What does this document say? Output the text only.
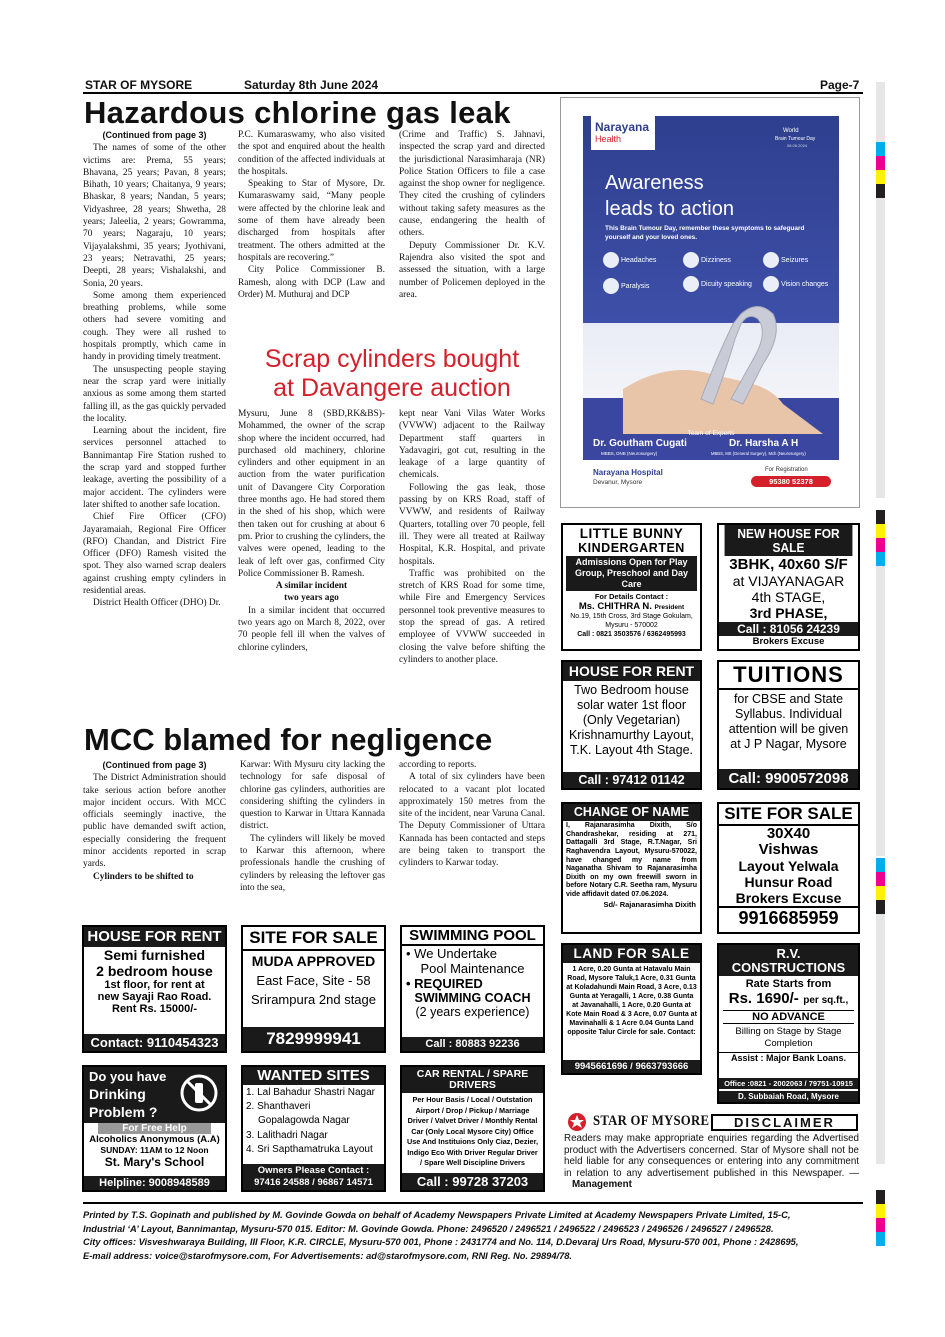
STAR OF MYSORE	Saturday 8th June 2024	Page-7
Hazardous chlorine gas leak
(Continued from page 3)

The names of some of the other victims are: Prema, 55 years; Bhavana, 25 years; Pavan, 8 years; Bihath, 10 years; Chaitanya, 9 years; Bhaskar, 8 years; Nandan, 5 years; Vidyashree, 28 years; Shwetha, 28 years; Jaleelia, 2 years; Gowramma, 70 years; Nagaraju, 10 years; Vijayalakshmi, 35 years; Jyothivani, 23 years; Netravathi, 25 years; Deepti, 28 years; Vishalakshi, and Sonia, 20 years.

Some among them experienced breathing problems, while some others had severe vomiting and cough. They were all rushed to hospitals promptly, which came in handy in providing timely treatment.

The unsuspecting people staying near the scrap yard were initially anxious as some among them started falling ill, as the gas quickly pervaded the locality.

Learning about the incident, fire services personnel attached to Bannimantap Fire Station rushed to the scrap yard and stopped further leakage, averting the possibility of a major accident. The cylinders were later shifted to another safe location.

Chief Fire Officer (CFO) Jayaramaiah, Regional Fire Officer (RFO) Chandan, and District Fire Officer (DFO) Ramesh visited the spot. They also warned scrap dealers against crushing empty cylinders in residential areas.

District Health Officer (DHO) Dr.

P.C. Kumaraswamy, who also visited the spot and enquired about the health condition of the affected individuals at the hospitals.

Speaking to Star of Mysore, Dr. Kumaraswamy said, “Many people were affected by the chlorine leak and some of them have already been discharged from hospitals after treatment. The others admitted at the hospitals are recovering.”

City Police Commissioner B. Ramesh, along with DCP (Law and Order) M. Muthuraj and DCP

(Crime and Traffic) S. Jahnavi, inspected the scrap yard and directed the jurisdictional Narasimharaja (NR) Police Station Officers to file a case against the shop owner for negligence. They cited the crushing of cylinders without taking safety measures as the cause, endangering the health of others.

Deputy Commissioner Dr. K.V. Rajendra also visited the spot and assessed the situation, with a large number of Policemen deployed in the area.

Scrap cylinders bought
at Davangere auction

Mysuru, June 8 (SBD,RK&BS)- Mohammed, the owner of the scrap shop where the incident occurred, had purchased old machinery, chlorine cylinders and other equipment in an auction from the water purification unit of Davangere City Corporation three months ago. He had stored them in the shed of his shop, which were then taken out for crushing at about 6 pm. Prior to crushing the cylinders, the valves were opened, leading to the leak of left over gas, confirmed City Police Commissioner B. Ramesh.

A similar incident
two years ago

In a similar incident that occurred two years ago on March 8, 2022, over 70 people fell ill when the valves of chlorine cylinders,

kept near Vani Vilas Water Works (VVWW) adjacent to the Railway Department staff quarters in Yadavagiri, got cut, resulting in the leakage of a large quantity of chemicals.

Following the gas leak, those passing by on KRS Road, staff of VVWW, and residents of Railway Quarters, totalling over 70 people, fell ill. They were all treated at Railway Hospital, K.R. Hospital, and private hospitals.

Traffic was prohibited on the stretch of KRS Road for some time, while Fire and Emergency Services personnel took preventive measures to stop the spread of gas. A retired employee of VVWW succeeded in closing the valve before shifting the cylinders to another place.

MCC blamed for negligence
(Continued from page 3)

The District Administration should take serious action before another major incident occurs. With MCC officials seemingly inactive, the public have demanded swift action, especially considering the frequent minor accidents reported in scrap yards.

Cylinders to be shifted to

Karwar: With Mysuru city lacking the technology for safe disposal of chlorine gas cylinders, authorities are considering shifting the cylinders in question to Karwar in Uttara Kannada district.

The cylinders will likely be moved to Karwar this afternoon, where professionals handle the crushing of cylinders by releasing the leftover gas into the sea,

according to reports.

A total of six cylinders have been relocated to a vacant plot located approximately 150 metres from the site of the incident, near Varuna Canal. The Deputy Commissioner of Uttara Kannada has been contacted and steps are being taken to transport the cylinders to Karwar today.

Narayana
Health
World
Brain Tumour Day
08.06.2024
Awareness
leads to action
This Brain Tumour Day, remember these symptoms to safeguard yourself and your loved ones.
Headaches	Dizziness	Seizures
Paralysis	Dicuity speaking	Vision changes
Team of Experts
Dr. Goutham Cugati
MBBS, DNB (Neurosurgery)
Dr. Harsha A H
MBBS, MS (General Surgery), Mch (Neurosurgery)
Narayana Hospital
Devanur, Mysore
For Registration
95380 52378
LITTLE BUNNY
KINDERGARTEN
Admissions Open for Play Group, Preschool and Day Care
For Details Contact :
Ms. CHITHRA N. President
No.19, 15th Cross, 3rd Stage Gokulam, Mysuru - 570002
Call : 0821 3503576 / 6362495993
NEW HOUSE FOR SALE
3BHK, 40x60 S/F
at VIJAYANAGAR
4th STAGE,
3rd PHASE,
Call : 81056 24239
Brokers Excuse
HOUSE FOR RENT
Two Bedroom house solar water 1st floor (Only Vegetarian) Krishnamurthy Layout, T.K. Layout 4th Stage.
Call : 97412 01142
TUITIONS
for CBSE and State Syllabus. Individual attention will be given at J P Nagar, Mysore
Call: 9900572098
CHANGE OF NAME
I, Rajanarasimha Dixith, S/o Chandrashekar, residing at 271, Dattagalli 3rd Stage, R.T.Nagar, Sri Raghavendra Layout, Mysuru-570022, have changed my name from Naganatha Shivam to Rajanarasimha Dixith on my own freewill sworn in before Notary C.R. Seetha ram, Mysuru vide affidavit dated 07.06.2024.
Sd/- Rajanarasimha Dixith
SITE FOR SALE
30X40
Vishwas
Layout Yelwala
Hunsur Road
Brokers Excuse
9916685959
HOUSE FOR RENT
Semi furnished
2 bedroom house
1st floor, for rent at
new Sayaji Rao Road.
Rent Rs. 15000/-
Contact: 9110454323
SITE FOR SALE
MUDA APPROVED
East Face, Site - 58
Srirampura 2nd stage
7829999941
SWIMMING POOL
• We Undertake
Pool Maintenance
• REQUIRED
SWIMMING COACH
(2 years experience)
Call : 80883 92236
LAND FOR SALE
1 Acre, 0.20 Gunta at Hatavalu Main Road, Mysore Taluk,1 Acre, 0.31 Gunta at Koladahundi Main Road, 3 Acre, 0.13 Gunta at Yeragalli, 1 Acre, 0.38 Gunta at Javanahalli, 1 Acre, 0.20 Gunta at Kote Main Road & 3 Acre, 0.07 Gunta at Mavinahalli & 1 Acre 0.04 Gunta Land opposite Talur Circle for sale. Contact:
9945661696 / 9663793666
R.V. CONSTRUCTIONS
Rate Starts from
Rs. 1690/- per sq.ft.,
NO ADVANCE
Billing on Stage by Stage Completion
Assist : Major Bank Loans.
Office :0821 - 2002063 / 79751-10915
D. Subbaiah Road, Mysore
Do you have
Drinking
Problem ?
For Free Help
Alcoholics Anonymous (A.A)
SUNDAY: 11AM to 12 Noon
St. Mary's School
Helpline: 9008948589
WANTED SITES
1. Lal Bahadur Shastri Nagar
2. Shanthaveri
Gopalagowda Nagar
3. Lalithadri Nagar
4. Sri Sapthamatruka Layout
Owners Please Contact :
97416 24588 / 96867 14571
CAR RENTAL / SPARE DRIVERS
Per Hour Basis / Local / Outstation Airport / Drop / Pickup / Marriage Driver / Valvet Driver / Monthly Rental Car (Only Local Mysore City) Office Use And Instituions Only Ciaz, Dezier, Indigo Eco With Driver Regular Driver / Spare Well Discipline Drivers
Call : 99728 37203
STAR OF MYSORE	DISCLAIMER
Readers may make appropriate enquiries regarding the Advertised product with the Advertisers concerned. Star of Mysore shall not be held liable for any consequences or entering into any commitment in relation to any advertisement published in this Newspaper. — Management
Printed by T.S. Gopinath and published by M. Govinde Gowda on behalf of Academy Newspapers Private Limited at Academy Newspapers Private Limited, 15-C,
Industrial ‘A’ Layout, Bannimantap, Mysuru-570 015. Editor: M. Govinde Gowda. Phone: 2496520 / 2496521 / 2496522 / 2496523 / 2496526 / 2496527 / 2496528.
City offices: Visveshwaraya Building, III Floor, K.R. CIRCLE, Mysuru-570 001, Phone : 2431774 and No. 114, D.Devaraj Urs Road, Mysuru-570 001, Phone : 2428695,
E-mail address: voice@starofmysore.com, For Advertisements: ad@starofmysore.com, RNI Reg. No. 29894/78.
